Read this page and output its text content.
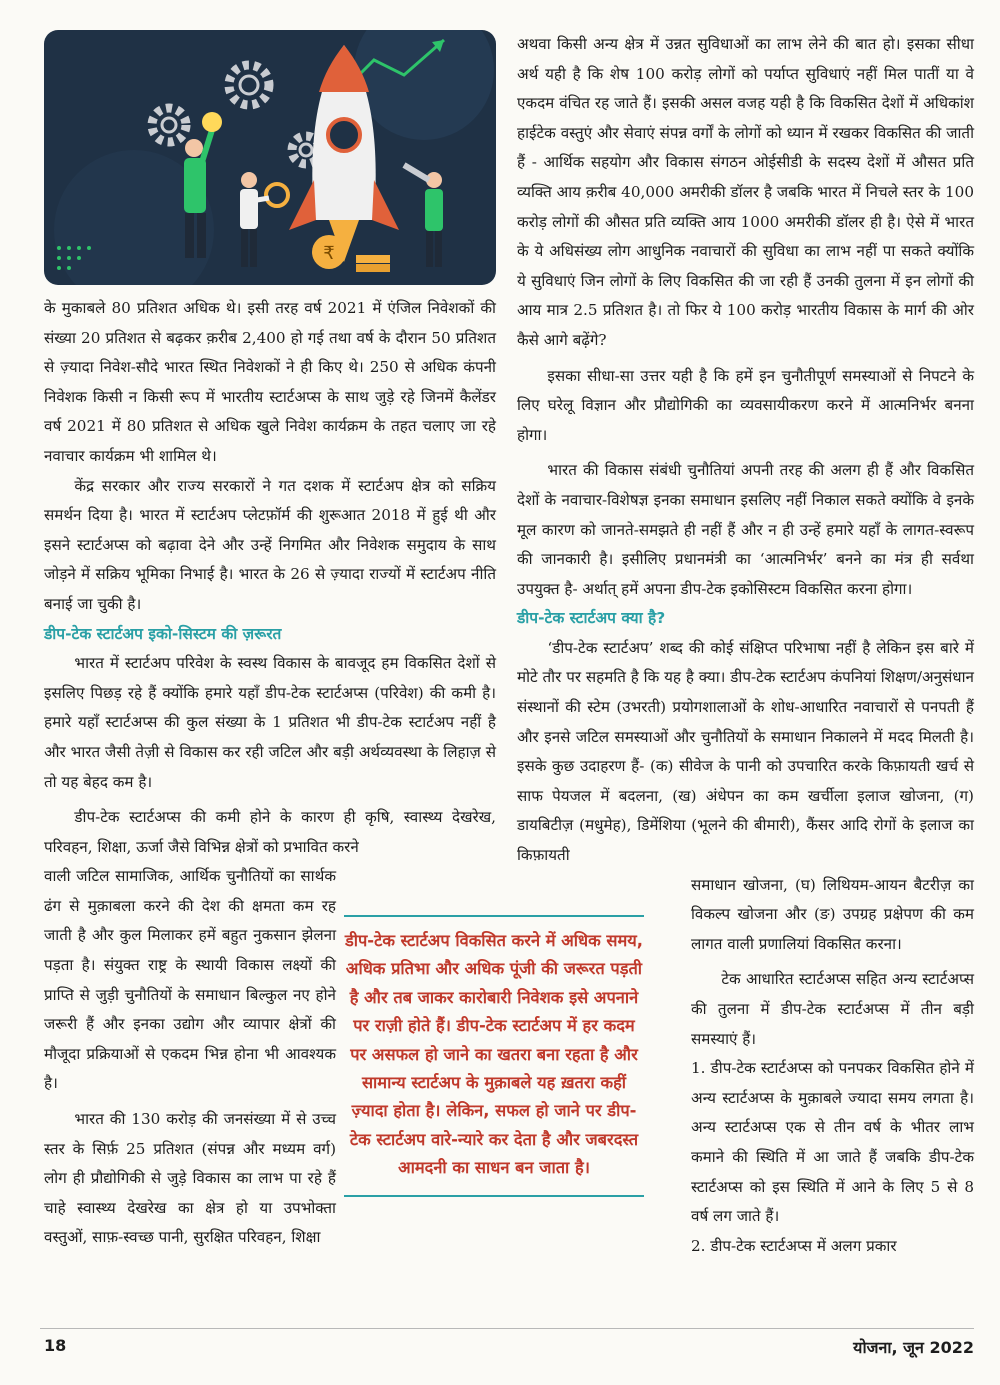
₹

के मुकाबले 80 प्रतिशत अधिक थे। इसी तरह वर्ष 2021 में एंजिल निवेशकों की संख्या 20 प्रतिशत से बढ़कर क़रीब 2,400 हो गई तथा वर्ष के दौरान 50 प्रतिशत से ज़्यादा निवेश-सौदे भारत स्थित निवेशकों ने ही किए थे। 250 से अधिक कंपनी निवेशक किसी न किसी रूप में भारतीय स्टार्टअप्स के साथ जुड़े रहे जिनमें कैलेंडर वर्ष 2021 में 80 प्रतिशत से अधिक खुले निवेश कार्यक्रम के तहत चलाए जा रहे नवाचार कार्यक्रम भी शामिल थे।

केंद्र सरकार और राज्य सरकारों ने गत दशक में स्टार्टअप क्षेत्र को सक्रिय समर्थन दिया है। भारत में स्टार्टअप प्लेटफ़ॉर्म की शुरूआत 2018 में हुई थी और इसने स्टार्टअप्स को बढ़ावा देने और उन्हें निगमित और निवेशक समुदाय के साथ जोड़ने में सक्रिय भूमिका निभाई है। भारत के 26 से ज़्यादा राज्यों में स्टार्टअप नीति बनाई जा चुकी है।

डीप-टेक स्टार्टअप इको-सिस्टम की ज़रूरत

भारत में स्टार्टअप परिवेश के स्वस्थ विकास के बावजूद हम विकसित देशों से इसलिए पिछड़ रहे हैं क्योंकि हमारे यहाँ डीप-टेक स्टार्टअप्स (परिवेश) की कमी है। हमारे यहाँ स्टार्टअप्स की कुल संख्या के 1 प्रतिशत भी डीप-टेक स्टार्टअप नहीं है और भारत जैसी तेज़ी से विकास कर रही जटिल और बड़ी अर्थव्यवस्था के लिहाज़ से तो यह बेहद कम है।

डीप-टेक स्टार्टअप्स की कमी होने के कारण ही कृषि, स्वास्थ्य देखरेख, परिवहन, शिक्षा, ऊर्जा जैसे विभिन्न क्षेत्रों को प्रभावित करने

वाली जटिल सामाजिक, आर्थिक चुनौतियों का सार्थक ढंग से मुक़ाबला करने की देश की क्षमता कम रह जाती है और कुल मिलाकर हमें बहुत नुकसान झेलना पड़ता है। संयुक्त राष्ट्र के स्थायी विकास लक्ष्यों की प्राप्ति से जुड़ी चुनौतियों के समाधान बिल्कुल नए होने जरूरी हैं और इनका उद्योग और व्यापार क्षेत्रों की मौजूदा प्रक्रियाओं से एकदम भिन्न होना भी आवश्यक है।

भारत की 130 करोड़ की जनसंख्या में से उच्च स्तर के सिर्फ़ 25 प्रतिशत (संपन्न और मध्यम वर्ग) लोग ही प्रौद्योगिकी से जुड़े विकास का लाभ पा रहे हैं चाहे स्वास्थ्य देखरेख का क्षेत्र हो या उपभोक्ता वस्तुओं, साफ़-स्वच्छ पानी, सुरक्षित परिवहन, शिक्षा

अथवा किसी अन्य क्षेत्र में उन्नत सुविधाओं का लाभ लेने की बात हो। इसका सीधा अर्थ यही है कि शेष 100 करोड़ लोगों को पर्याप्त सुविधाएं नहीं मिल पातीं या वे एकदम वंचित रह जाते हैं। इसकी असल वजह यही है कि विकसित देशों में अधिकांश हाईटेक वस्तुएं और सेवाएं संपन्न वर्गों के लोगों को ध्यान में रखकर विकसित की जाती हैं - आर्थिक सहयोग और विकास संगठन ओईसीडी के सदस्य देशों में औसत प्रति व्यक्ति आय क़रीब 40,000 अमरीकी डॉलर है जबकि भारत में निचले स्तर के 100 करोड़ लोगों की औसत प्रति व्यक्ति आय 1000 अमरीकी डॉलर ही है। ऐसे में भारत के ये अधिसंख्य लोग आधुनिक नवाचारों की सुविधा का लाभ नहीं पा सकते क्योंकि ये सुविधाएं जिन लोगों के लिए विकसित की जा रही हैं उनकी तुलना में इन लोगों की आय मात्र 2.5 प्रतिशत है। तो फिर ये 100 करोड़ भारतीय विकास के मार्ग की ओर कैसे आगे बढ़ेंगे?

इसका सीधा-सा उत्तर यही है कि हमें इन चुनौतीपूर्ण समस्याओं से निपटने के लिए घरेलू विज्ञान और प्रौद्योगिकी का व्यवसायीकरण करने में आत्मनिर्भर बनना होगा।

भारत की विकास संबंधी चुनौतियां अपनी तरह की अलग ही हैं और विकसित देशों के नवाचार-विशेषज्ञ इनका समाधान इसलिए नहीं निकाल सकते क्योंकि वे इनके मूल कारण को जानते-समझते ही नहीं हैं और न ही उन्हें हमारे यहाँ के लागत-स्वरूप की जानकारी है। इसीलिए प्रधानमंत्री का ‘आत्मनिर्भर’ बनने का मंत्र ही सर्वथा उपयुक्त है- अर्थात् हमें अपना डीप-टेक इकोसिस्टम विकसित करना होगा।

डीप-टेक स्टार्टअप क्या है?

‘डीप-टेक स्टार्टअप’ शब्द की कोई संक्षिप्त परिभाषा नहीं है लेकिन इस बारे में मोटे तौर पर सहमति है कि यह है क्या। डीप-टेक स्टार्टअप कंपनियां शिक्षण/अनुसंधान संस्थानों की स्टेम (उभरती) प्रयोगशालाओं के शोध-आधारित नवाचारों से पनपती हैं और इनसे जटिल समस्याओं और चुनौतियों के समाधान निकालने में मदद मिलती है। इसके कुछ उदाहरण हैं- (क) सीवेज के पानी को उपचारित करके किफ़ायती खर्च से साफ पेयजल में बदलना, (ख) अंधेपन का कम खर्चीला इलाज खोजना, (ग) डायबिटीज़ (मधुमेह), डिमेंशिया (भूलने की बीमारी), कैंसर आदि रोगों के इलाज का किफ़ायती

समाधान खोजना, (घ) लिथियम-आयन बैटरीज़ का विकल्प खोजना और (ङ) उपग्रह प्रक्षेपण की कम लागत वाली प्रणालियां विकसित करना।

टेक आधारित स्टार्टअप्स सहित अन्य स्टार्टअप्स की तुलना में डीप-टेक स्टार्टअप्स में तीन बड़ी समस्याएं हैं।

1. डीप-टेक स्टार्टअप्स को पनपकर विकसित होने में अन्य स्टार्टअप्स के मुक़ाबले ज्यादा समय लगता है। अन्य स्टार्टअप्स एक से तीन वर्ष के भीतर लाभ कमाने की स्थिति में आ जाते हैं जबकि डीप-टेक स्टार्टअप्स को इस स्थिति में आने के लिए 5 से 8 वर्ष लग जाते हैं।

2. डीप-टेक स्टार्टअप्स में अलग प्रकार

डीप-टेक स्टार्टअप विकसित करने में अधिक समय, अधिक प्रतिभा और अधिक पूंजी की जरूरत पड़ती है और तब जाकर कारोबारी निवेशक इसे अपनाने पर राज़ी होते हैं। डीप-टेक स्टार्टअप में हर कदम पर असफल हो जाने का खतरा बना रहता है और सामान्य स्टार्टअप के मुक़ाबले यह ख़तरा कहीं ज़्यादा होता है। लेकिन, सफल हो जाने पर डीप-टेक स्टार्टअप वारे-न्यारे कर देता है और जबरदस्त आमदनी का साधन बन जाता है।
18	योजना, जून 2022
